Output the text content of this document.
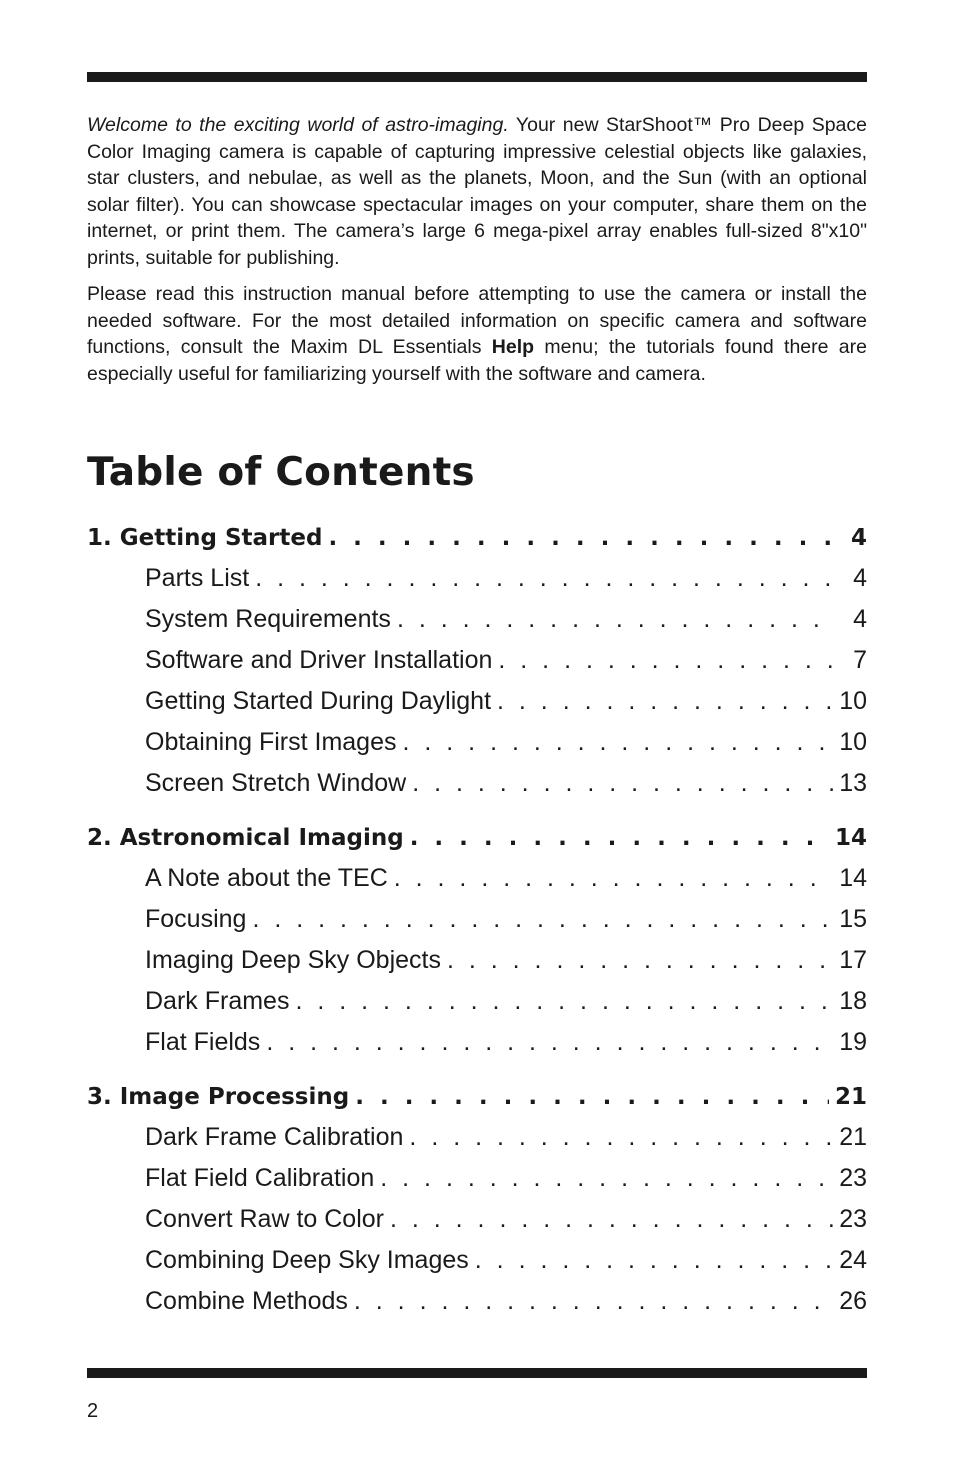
Welcome to the exciting world of astro-imaging. Your new StarShoot™ Pro Deep Space Color Imaging camera is capable of capturing impressive celestial objects like galaxies, star clusters, and nebulae, as well as the planets, Moon, and the Sun (with an optional solar filter). You can showcase spectacular images on your computer, share them on the internet, or print them. The camera’s large 6 mega-pixel array enables full-sized 8"x10" prints, suitable for publishing.

Please read this instruction manual before attempting to use the camera or install the needed software. For the most detailed information on specific camera and software functions, consult the Maxim DL Essentials Help menu; the tutorials found there are especially useful for familiarizing yourself with the software and camera.

Table of Contents
1. Getting Started . . .	4
Parts List . . .	4
System Requirements . . .	4
Software and Driver Installation . . .	7
Getting Started During Daylight . . .	10
Obtaining First Images . . .	10
Screen Stretch Window . . .	13
2. Astronomical Imaging . . .	14
A Note about the TEC . . .	14
Focusing . . .	15
Imaging Deep Sky Objects . . .	17
Dark Frames . . .	18
Flat Fields . . .	19
3. Image Processing . . .	21
Dark Frame Calibration . . .	21
Flat Field Calibration . . .	23
Convert Raw to Color . . .	23
Combining Deep Sky Images . . .	24
Combine Methods . . .	26
2
